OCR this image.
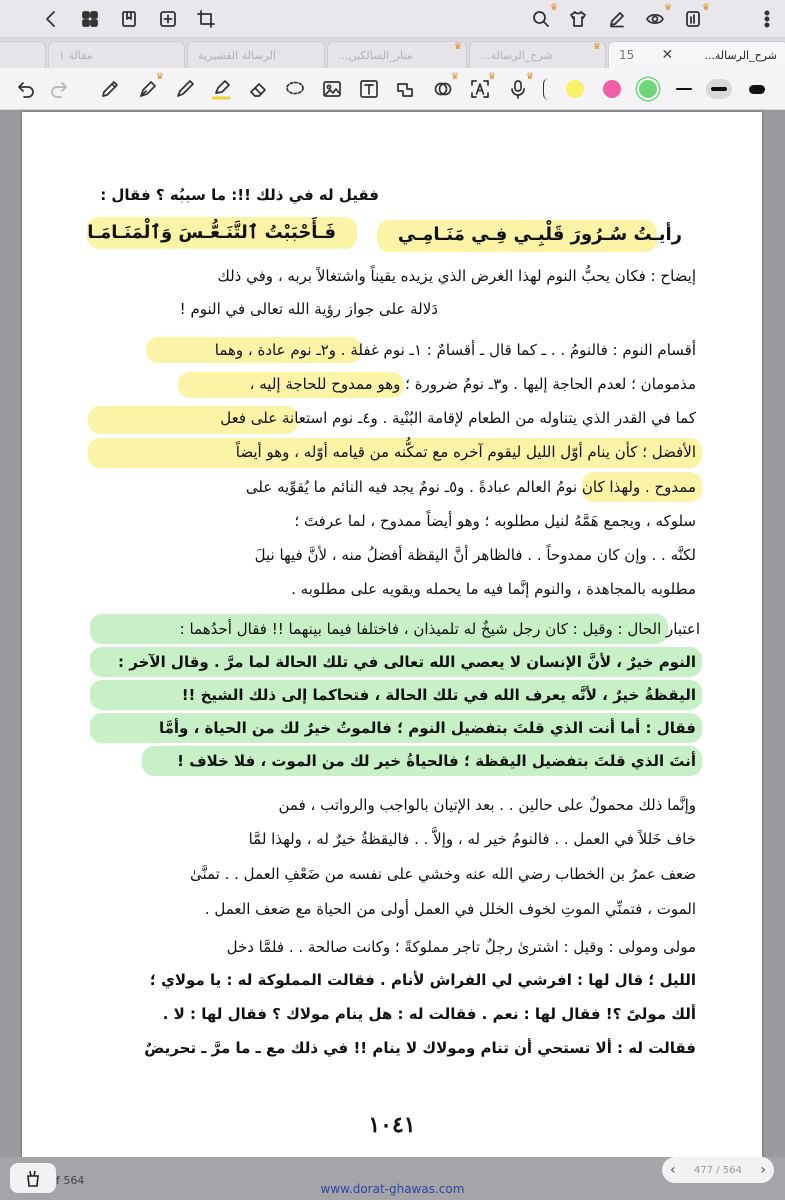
♛	♛	♛
مقالة ١	الرسالة القشيرية
♛
منار_السالكين...
♛
شرح_الرسالة...	15 ✕	شرح_الرسالة...
♛	♛	♛	♛
فقيل له في ذلك !!: ما سببُه ؟ فقال :
فَـأَحْبَبْتُ ٱلتَّنَـعُّـسَ وَٱلْمَنَـامَـا	رأيـتُ سُـرُورَ قَلْبِـي فِـي مَنَـامِـي
إيضاح : فكان يحبُّ النوم لهذا الغرض الذي يزيده يقيناً واشتغالاً بربه ، وفي ذلك
دَلالة على جواز رؤية الله تعالى في النوم !
أقسام النوم : فالنومُ . . ـ كما قال ـ أقسامٌ : ١ـ نوم غفلة . و٢ـ نوم عادة ، وهما
مذمومان ؛ لعدم الحاجة إليها . و٣ـ نومُ ضرورة ؛ وهو ممدوح للحاجة إليه ،
كما في القدر الذي يتناوله من الطعام لإقامة البُنْية . و٤ـ نوم استعانة على فعل
الأفضل ؛ كأن ينام أوّل الليل ليقوم آخره مع تمكُّنه من قيامه أوّله ، وهو أيضاً
ممدوح . ولهذا كان نومُ العالم عبادةً . و٥ـ نومٌ يجد فيه النائم ما يُقوِّيه على
سلوكه ، ويجمع هَمَّهُ لنيل مطلوبه ؛ وهو أيضاً ممدوح ، لما عرفتَ ؛
لكنَّه . . وإن كان ممدوحاً . . فالظاهر أنَّ اليقظة أفضلُ منه ، لأنَّ فيها نيلَ
مطلوبه بالمجاهدة ، والنوم إنَّما فيه ما يحمله ويقويه على مطلوبه .
اعتبار الحال : وقيل : كان رجل شيخٌ له تلميذان ، فاختلفا فيما بينهما !! فقال أحدُهما :
النوم خيرٌ ، لأنَّ الإنسان لا يعصي الله تعالى في تلك الحالة لما مرَّ . وقال الآخر :
اليقظةُ خيرٌ ، لأنَّه يعرف الله في تلك الحالة ، فتحاكما إلى ذلك الشيخ !!
فقال : أما أنت الذي قلتَ بتفضيل النوم ؛ فالموتُ خيرٌ لك من الحياة ، وأمَّا
أنتَ الذي قلتَ بتفضيل اليقظة ؛ فالحياةُ خير لك من الموت ، فلا خلاف !
وإنَّما ذلك محمولٌ على حالين . . بعد الإتيان بالواجب والرواتب ، فمن
خاف خَللاً في العمل . . فالنومُ خير له ، وإلاَّ . . فاليقظةُ خيرٌ له ، ولهذا لمَّا
ضعف عمرُ بن الخطاب رضي الله عنه وخشي على نفسه من ضَعْفِ العمل . . تمنَّىٰ
الموت ، فتمنِّي الموتِ لخوف الخلل في العمل أولى من الحياة مع ضعف العمل .
مولى ومولى : وقيل : اشترىٰ رجلٌ تاجر مملوكةً ؛ وكانت صالحة . . فلمَّا دخل
الليل ؛ قال لها : افرشي لي الفراش لأنام . فقالت المملوكة له : يا مولاي ؛
ألك مولىً ؟! فقال لها : نعم . فقالت له : هل ينام مولاك ؟ فقال لها : لا .
فقالت له : ألا تستحي أن تنام ومولاك لا ينام !! في ذلك مع ـ ما مرَّ ـ تحريضٌ
١٠٤١
f 564
www.dorat-ghawas.com
‹ 477 / 564 ›
